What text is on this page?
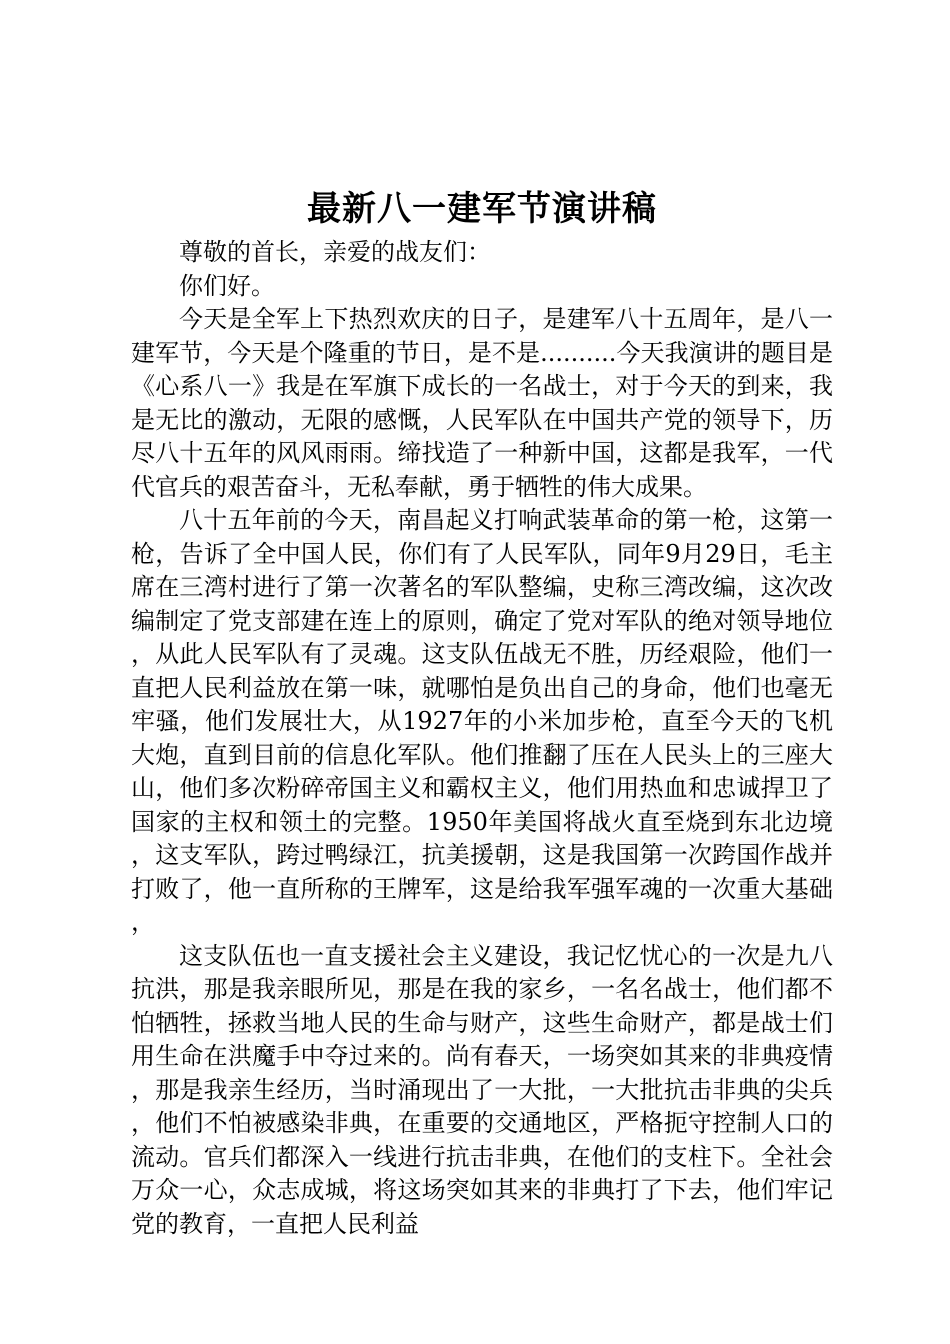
最新八一建军节演讲稿

尊敬的首长，亲爱的战友们：

你们好。

今天是全军上下热烈欢庆的日子，是建军八十五周年，是八一建军节，今天是个隆重的节日，是不是..........今天我演讲的题目是《心系八一》我是在军旗下成长的一名战士，对于今天的到来，我是无比的激动，无限的感慨，人民军队在中国共产党的领导下，历尽八十五年的风风雨雨。缔找造了一种新中国，这都是我军，一代代官兵的艰苦奋斗，无私奉献，勇于牺牲的伟大成果。

八十五年前的今天，南昌起义打响武装革命的第一枪，这第一枪，告诉了全中国人民，你们有了人民军队，同年9月29日，毛主席在三湾村进行了第一次著名的军队整编，史称三湾改编，这次改编制定了党支部建在连上的原则，确定了党对军队的绝对领导地位，从此人民军队有了灵魂。这支队伍战无不胜，历经艰险，他们一直把人民利益放在第一味，就哪怕是负出自己的身命，他们也毫无牢骚，他们发展壮大，从1927年的小米加步枪，直至今天的飞机大炮，直到目前的信息化军队。他们推翻了压在人民头上的三座大山，他们多次粉碎帝国主义和霸权主义，他们用热血和忠诚捍卫了国家的主权和领土的完整。1950年美国将战火直至烧到东北边境，这支军队，跨过鸭绿江，抗美援朝，这是我国第一次跨国作战并打败了，他一直所称的王牌军，这是给我军强军魂的一次重大基础，

这支队伍也一直支援社会主义建设，我记忆忧心的一次是九八抗洪，那是我亲眼所见，那是在我的家乡，一名名战士，他们都不怕牺牲，拯救当地人民的生命与财产，这些生命财产，都是战士们用生命在洪魔手中夺过来的。尚有春天，一场突如其来的非典疫情，那是我亲生经历，当时涌现出了一大批，一大批抗击非典的尖兵，他们不怕被感染非典，在重要的交通地区，严格扼守控制人口的流动。官兵们都深入一线进行抗击非典，在他们的支柱下。全社会万众一心，众志成城，将这场突如其来的非典打了下去，他们牢记党的教育，一直把人民利益
